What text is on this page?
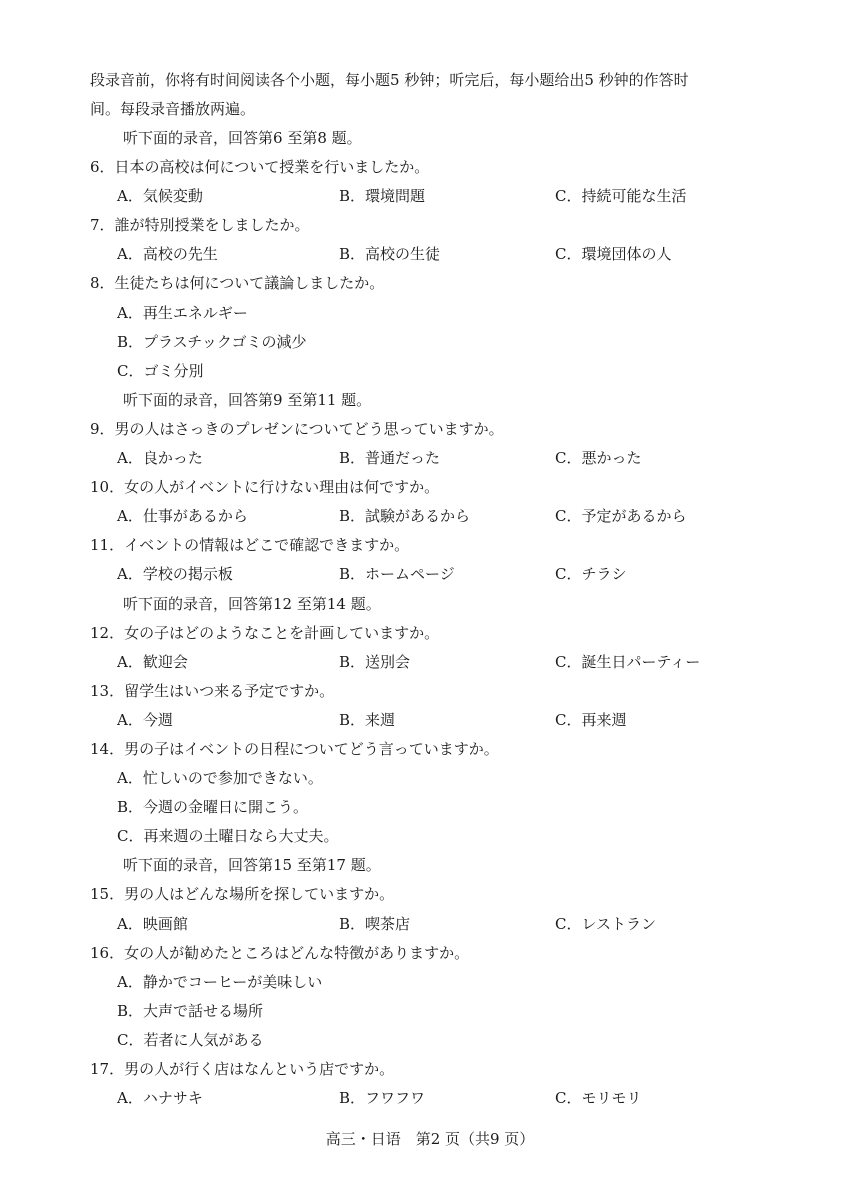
段录音前，你将有时间阅读各个小题，每小题5 秒钟；听完后，每小题给出5 秒钟的作答时

间。每段录音播放两遍。

听下面的录音，回答第6 至第8 题。
6．日本の高校は何について授業を行いましたか。
A．気候変動	B．環境問題	C．持続可能な生活
7．誰が特別授業をしましたか。
A．高校の先生	B．高校の生徒	C．環境団体の人
8．生徒たちは何について議論しましたか。
A．再生エネルギー
B．プラスチックゴミの減少
C．ゴミ分別
听下面的录音，回答第9 至第11 题。
9．男の人はさっきのプレゼンについてどう思っていますか。
A．良かった	B．普通だった	C．悪かった
10．女の人がイベントに行けない理由は何ですか。
A．仕事があるから	B．試験があるから	C．予定があるから
11．イベントの情報はどこで確認できますか。
A．学校の掲示板	B．ホームページ	C．チラシ
听下面的录音，回答第12 至第14 题。
12．女の子はどのようなことを計画していますか。
A．歓迎会	B．送別会	C．誕生日パーティー
13．留学生はいつ来る予定ですか。
A．今週	B．来週	C．再来週
14．男の子はイベントの日程についてどう言っていますか。
A．忙しいので参加できない。
B．今週の金曜日に開こう。
C．再来週の土曜日なら大丈夫。
听下面的录音，回答第15 至第17 题。
15．男の人はどんな場所を探していますか。
A．映画館	B．喫茶店	C．レストラン
16．女の人が勧めたところはどんな特徴がありますか。
A．静かでコーヒーが美味しい
B．大声で話せる場所
C．若者に人気がある
17．男の人が行く店はなんという店ですか。
A．ハナサキ	B．フワフワ	C．モリモリ
高三・日语　第2 页（共9 页）
